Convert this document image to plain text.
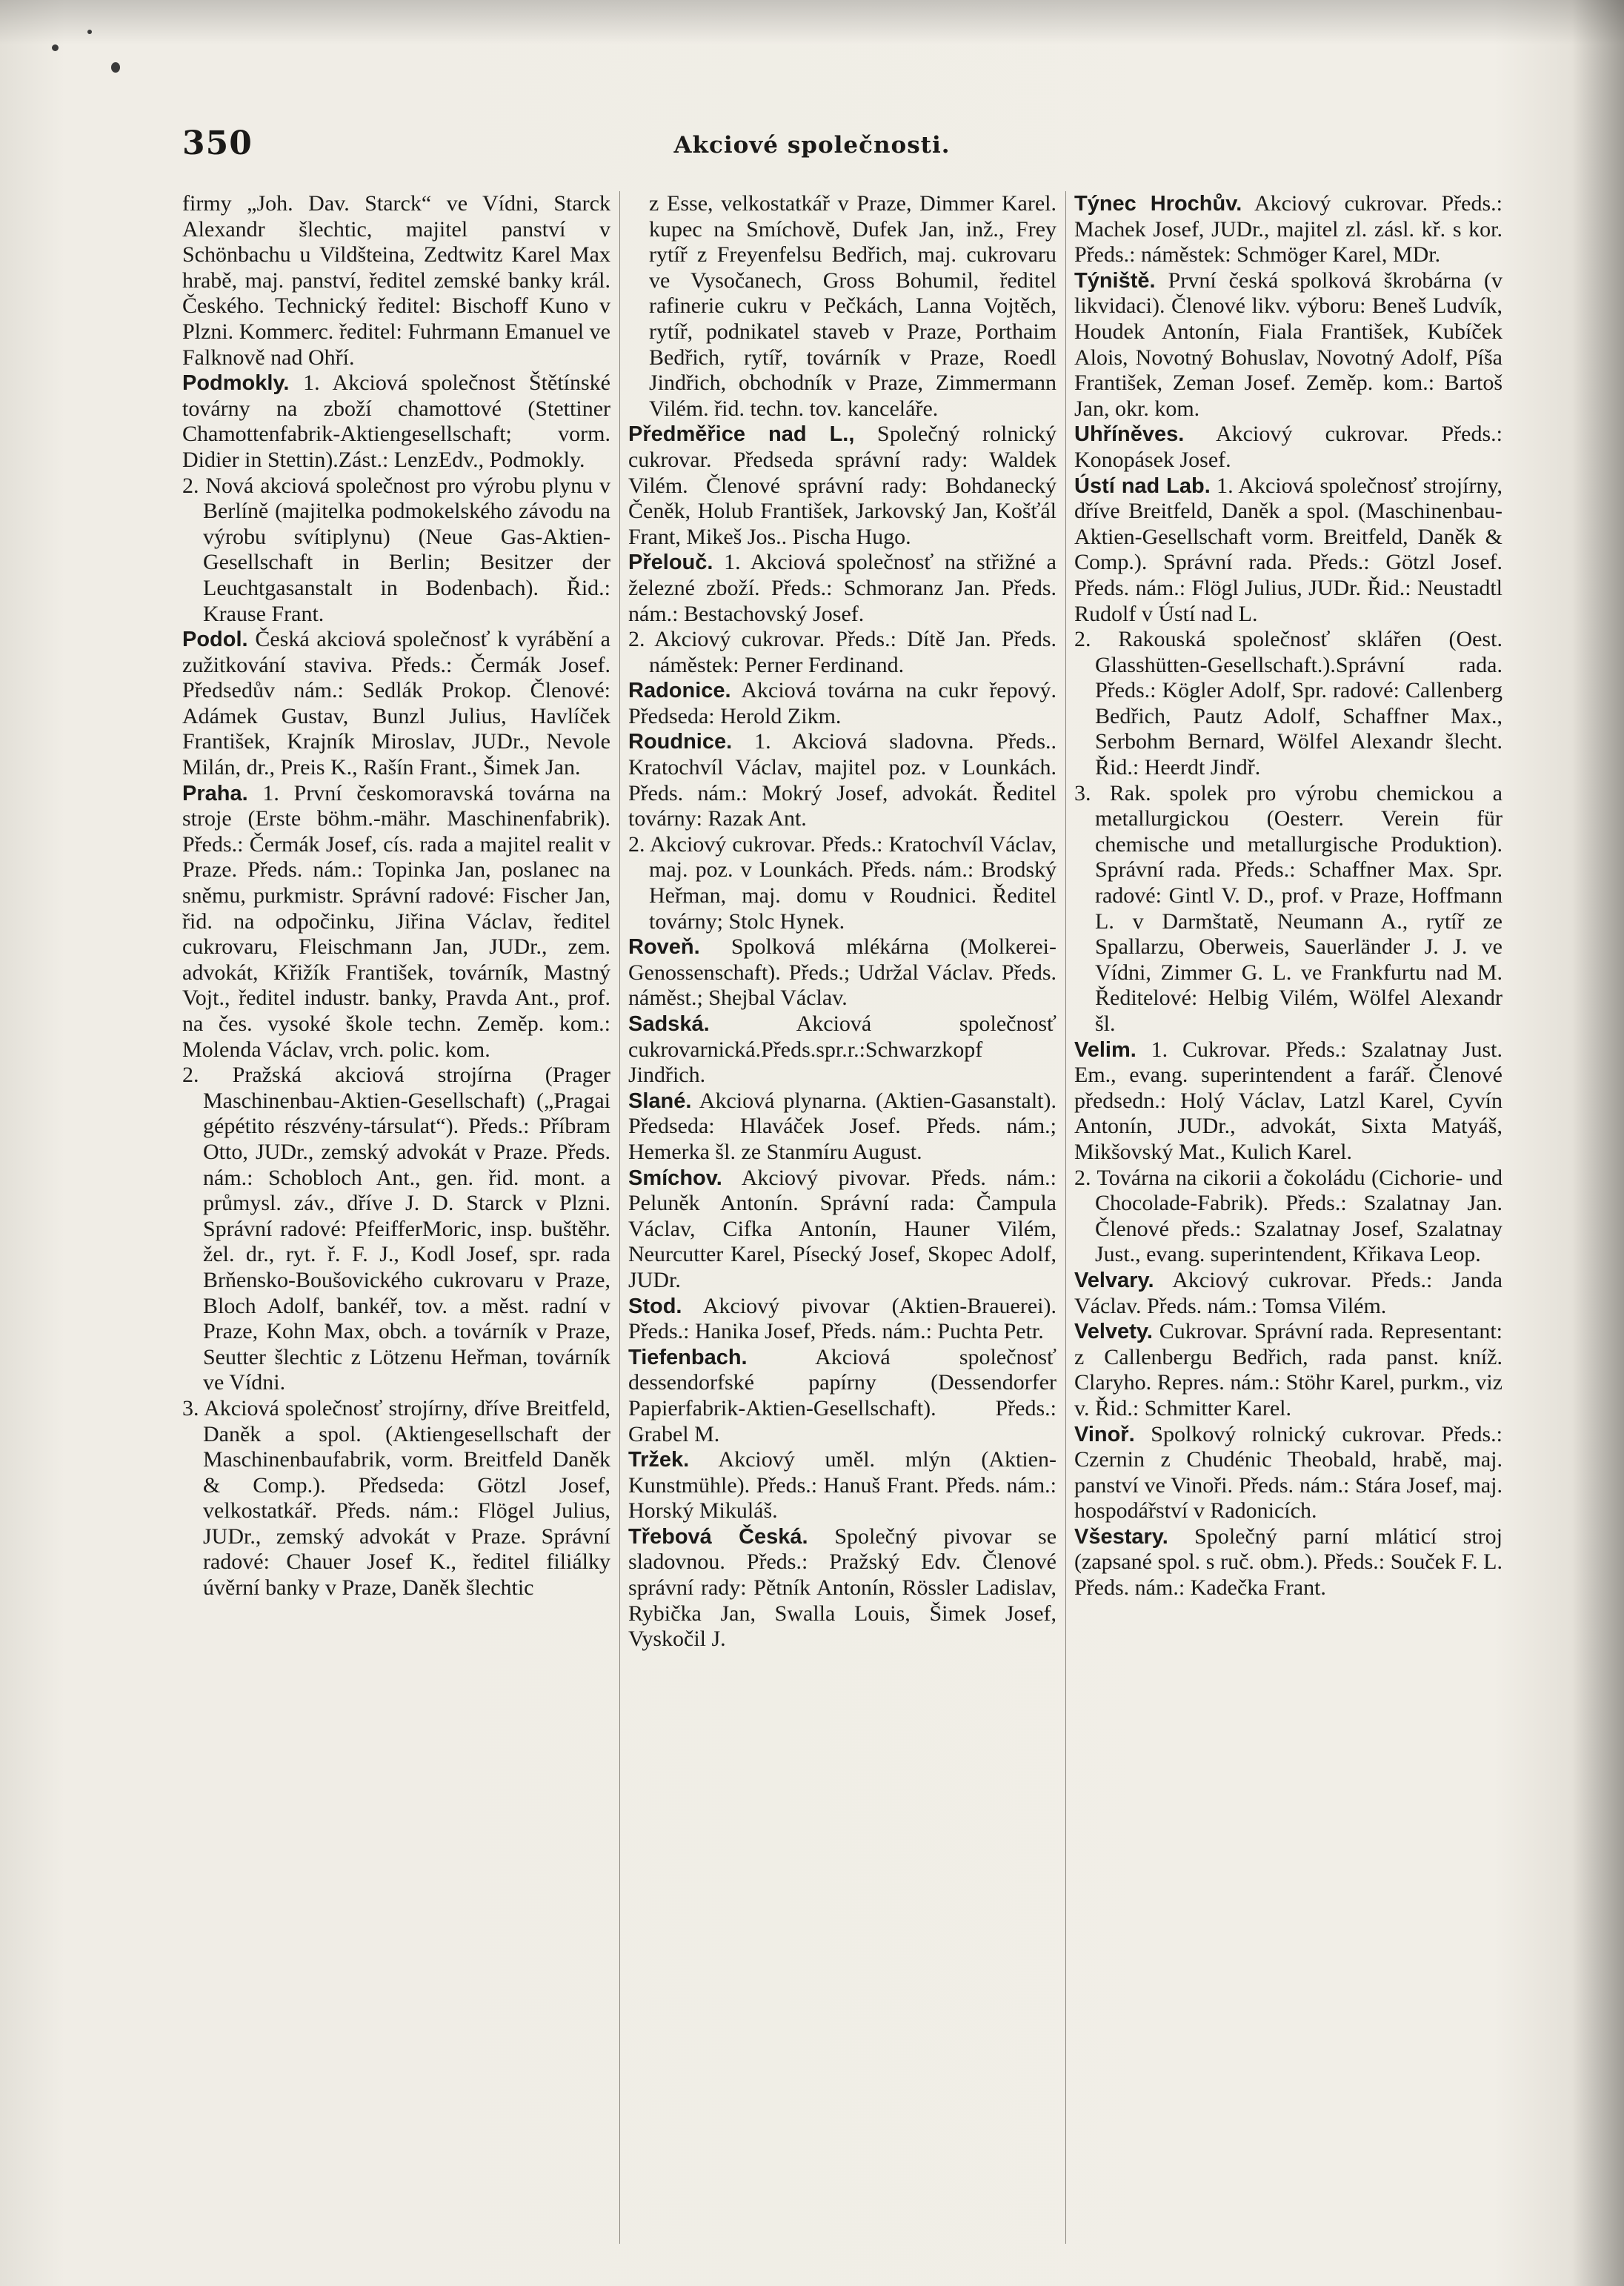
350	Akciové společnosti.

firmy „Joh. Dav. Starck“ ve Vídni, Starck Alexandr šlechtic, majitel panství v Schönbachu u Vildšteina, Zedtwitz Karel Max hrabě, maj. panství, ředitel zemské banky král. Českého. Technický ředitel: Bischoff Kuno v Plzni. Kommerc. ředitel: Fuhrmann Emanuel ve Falknově nad Ohří.

Podmokly. 1. Akciová společnost Štětínské továrny na zboží chamottové (Stettiner Chamottenfabrik-Aktiengesellschaft; vorm. Didier in Stettin).Zást.: LenzEdv., Podmokly.

2. Nová akciová společnost pro výrobu plynu v Berlíně (majitelka podmokelského závodu na výrobu svítiplynu) (Neue Gas-Aktien-Gesellschaft in Berlin; Besitzer der Leuchtgasanstalt in Bodenbach). Řid.: Krause Frant.

Podol. Česká akciová společnosť k vyrábění a zužitkování staviva. Předs.: Čermák Josef. Předsedův nám.: Sedlák Prokop. Členové: Adámek Gustav, Bunzl Julius, Havlíček František, Krajník Miroslav, JUDr., Nevole Milán, dr., Preis K., Rašín Frant., Šimek Jan.

Praha. 1. První českomoravská továrna na stroje (Erste böhm.-mähr. Maschinenfabrik). Předs.: Čermák Josef, cís. rada a majitel realit v Praze. Předs. nám.: Topinka Jan, poslanec na sněmu, purkmistr. Správní radové: Fischer Jan, řid. na odpočinku, Jiřina Václav, ředitel cukrovaru, Fleischmann Jan, JUDr., zem. advokát, Křižík František, továrník, Mastný Vojt., ředitel industr. banky, Pravda Ant., prof. na čes. vysoké škole techn. Zeměp. kom.: Molenda Václav, vrch. polic. kom.

2. Pražská akciová strojírna (Prager Maschinenbau-Aktien-Gesellschaft) („Pragai gépétito részvény-társulat“). Předs.: Příbram Otto, JUDr., zemský advokát v Praze. Předs. nám.: Schobloch Ant., gen. řid. mont. a průmysl. záv., dříve J. D. Starck v Plzni. Správní radové: PfeifferMoric, insp. buštěhr. žel. dr., ryt. ř. F. J., Kodl Josef, spr. rada Brňensko-Boušovického cukrovaru v Praze, Bloch Adolf, bankéř, tov. a měst. radní v Praze, Kohn Max, obch. a továrník v Praze, Seutter šlechtic z Lötzenu Heřman, továrník ve Vídni.

3. Akciová společnosť strojírny, dříve Breitfeld, Daněk a spol. (Aktiengesellschaft der Maschinenbaufabrik, vorm. Breitfeld Daněk & Comp.). Předseda: Götzl Josef, velkostatkář. Předs. nám.: Flögel Julius, JUDr., zemský advokát v Praze. Správní radové: Chauer Josef K., ředitel filiálky úvěrní banky v Praze, Daněk šlechtic

z Esse, velkostatkář v Praze, Dimmer Karel. kupec na Smíchově, Dufek Jan, inž., Frey rytíř z Freyenfelsu Bedřich, maj. cukrovaru ve Vysočanech, Gross Bohumil, ředitel rafinerie cukru v Pečkách, Lanna Vojtěch, rytíř, podnikatel staveb v Praze, Porthaim Bedřich, rytíř, továrník v Praze, Roedl Jindřich, obchodník v Praze, Zimmermann Vilém. řid. techn. tov. kanceláře.

Předměřice nad L., Společný rolnický cukrovar. Předseda správní rady: Waldek Vilém. Členové správní rady: Bohdanecký Čeněk, Holub František, Jarkovský Jan, Košťál Frant, Mikeš Jos.. Pischa Hugo.

Přelouč. 1. Akciová společnosť na střižné a železné zboží. Předs.: Schmoranz Jan. Předs. nám.: Bestachovský Josef.

2. Akciový cukrovar. Předs.: Dítě Jan. Předs. náměstek: Perner Ferdinand.

Radonice. Akciová továrna na cukr řepový. Předseda: Herold Zikm.

Roudnice. 1. Akciová sladovna. Předs.. Kratochvíl Václav, majitel poz. v Lounkách. Předs. nám.: Mokrý Josef, advokát. Ředitel továrny: Razak Ant.

2. Akciový cukrovar. Předs.: Kratochvíl Václav, maj. poz. v Lounkách. Předs. nám.: Brodský Heřman, maj. domu v Roudnici. Ředitel továrny; Stolc Hynek.

Roveň. Spolková mlékárna (Molkerei-Genossenschaft). Předs.; Udržal Václav. Předs. náměst.; Shejbal Václav.

Sadská.	Akciová společnosť cukrovarnická.Předs.spr.r.:Schwarzkopf Jindřich.

Slané. Akciová plynarna. (Aktien-Gasanstalt). Předseda: Hlaváček Josef. Předs. nám.; Hemerka šl. ze Stanmíru August.

Smíchov. Akciový pivovar. Předs. nám.: Peluněk Antonín. Správní rada: Čampula Václav, Cifka Antonín, Hauner Vilém, Neurcutter Karel, Písecký Josef, Skopec Adolf, JUDr.

Stod. Akciový pivovar (Aktien-Brauerei). Předs.: Hanika Josef, Předs. nám.: Puchta Petr.

Tiefenbach.	Akciová společnosť dessendorfské papírny (Dessendorfer Papierfabrik-Aktien-Gesellschaft). Předs.: Grabel M.

Tržek. Akciový uměl. mlýn (Aktien-Kunstmühle). Předs.: Hanuš Frant. Předs. nám.: Horský Mikuláš.

Třebová Česká. Společný pivovar se sladovnou. Předs.: Pražský Edv. Členové správní rady: Pětník Antonín, Rössler Ladislav, Rybička Jan, Swalla Louis, Šimek Josef, Vyskočil J.

Týnec Hrochův. Akciový cukrovar. Předs.: Machek Josef, JUDr., majitel zl. zásl. kř. s kor. Předs.: náměstek: Schmöger Karel, MDr.

Týniště. První česká spolková škrobárna (v likvidaci). Členové likv. výboru: Beneš Ludvík, Houdek Antonín, Fiala František, Kubíček Alois, Novotný Bohuslav, Novotný Adolf, Píša František, Zeman Josef. Zeměp. kom.: Bartoš Jan, okr. kom.

Uhříněves. Akciový cukrovar. Předs.: Konopásek Josef.

Ústí nad Lab. 1. Akciová společnosť strojírny, dříve Breitfeld, Daněk a spol. (Maschinenbau-Aktien-Gesellschaft vorm. Breitfeld, Daněk & Comp.). Správní rada. Předs.: Götzl Josef. Předs. nám.: Flögl Julius, JUDr. Řid.: Neustadtl Rudolf v Ústí nad L.

2. Rakouská společnosť sklářen (Oest. Glasshütten-Gesellschaft.).Správní rada. Předs.: Kögler Adolf, Spr. radové: Callenberg Bedřich, Pautz Adolf, Schaffner Max., Serbohm Bernard, Wölfel Alexandr šlecht. Řid.: Heerdt Jindř.

3. Rak. spolek pro výrobu chemickou a metallurgickou (Oesterr. Verein für chemische und metallurgische Produktion). Správní rada. Předs.: Schaffner Max. Spr. radové: Gintl V. D., prof. v Praze, Hoffmann L. v Darmštatě, Neumann A., rytíř ze Spallarzu, Oberweis, Sauerländer J. J. ve Vídni, Zimmer G. L. ve Frankfurtu nad M. Ředitelové: Helbig Vilém, Wölfel Alexandr šl.

Velim. 1. Cukrovar. Předs.: Szalatnay Just. Em., evang. superintendent a farář. Členové předsedn.: Holý Václav, Latzl Karel, Cyvín Antonín, JUDr., advokát, Sixta Matyáš, Mikšovský Mat., Kulich Karel.

2. Továrna na cikorii a čokoládu (Cichorie- und Chocolade-Fabrik). Předs.: Szalatnay Jan. Členové předs.: Szalatnay Josef, Szalatnay Just., evang. superintendent, Křikava Leop.

Velvary. Akciový cukrovar. Předs.: Janda Václav. Předs. nám.: Tomsa Vilém.

Velvety. Cukrovar. Správní rada. Representant: z Callenbergu Bedřich, rada panst. kníž. Claryho. Repres. nám.: Stöhr Karel, purkm., viz v. Řid.: Schmitter Karel.

Vinoř. Spolkový rolnický cukrovar. Předs.: Czernin z Chudénic Theobald, hrabě, maj. panství ve Vinoři. Předs. nám.: Stára Josef, maj. hospodářství v Radonicích.

Všestary. Společný parní mláticí stroj (zapsané spol. s ruč. obm.). Předs.: Souček F. L. Předs. nám.: Kadečka Frant.
